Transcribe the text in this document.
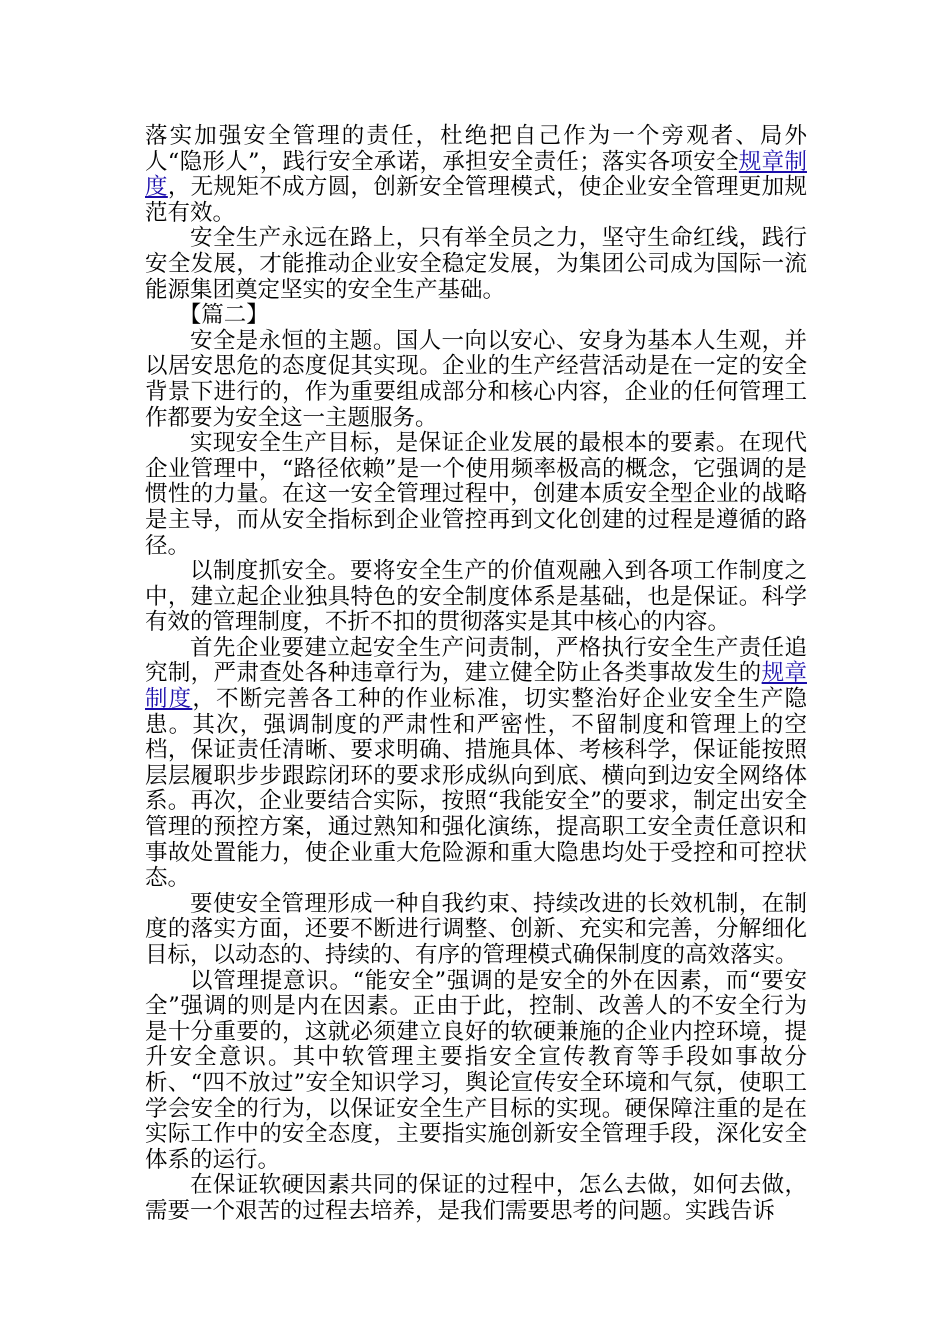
落实加强安全管理的责任，杜绝把自己作为一个旁观者、局外人“隐形人”，践行安全承诺，承担安全责任；落实各项安全规章制度，无规矩不成方圆，创新安全管理模式，使企业安全管理更加规范有效。

安全生产永远在路上，只有举全员之力，坚守生命红线，践行安全发展，才能推动企业安全稳定发展，为集团公司成为国际一流能源集团奠定坚实的安全生产基础。

【篇二】

安全是永恒的主题。国人一向以安心、安身为基本人生观，并以居安思危的态度促其实现。企业的生产经营活动是在一定的安全背景下进行的，作为重要组成部分和核心内容，企业的任何管理工作都要为安全这一主题服务。

实现安全生产目标，是保证企业发展的最根本的要素。在现代企业管理中，“路径依赖”是一个使用频率极高的概念，它强调的是惯性的力量。在这一安全管理过程中，创建本质安全型企业的战略是主导，而从安全指标到企业管控再到文化创建的过程是遵循的路径。

以制度抓安全。要将安全生产的价值观融入到各项工作制度之中，建立起企业独具特色的安全制度体系是基础，也是保证。科学有效的管理制度，不折不扣的贯彻落实是其中核心的内容。

首先企业要建立起安全生产问责制，严格执行安全生产责任追究制，严肃查处各种违章行为，建立健全防止各类事故发生的规章制度，不断完善各工种的作业标准，切实整治好企业安全生产隐患。其次，强调制度的严肃性和严密性，不留制度和管理上的空档，保证责任清晰、要求明确、措施具体、考核科学，保证能按照层层履职步步跟踪闭环的要求形成纵向到底、横向到边安全网络体系。再次，企业要结合实际，按照“我能安全”的要求，制定出安全管理的预控方案，通过熟知和强化演练，提高职工安全责任意识和事故处置能力，使企业重大危险源和重大隐患均处于受控和可控状态。

要使安全管理形成一种自我约束、持续改进的长效机制，在制度的落实方面，还要不断进行调整、创新、充实和完善，分解细化目标，以动态的、持续的、有序的管理模式确保制度的高效落实。

以管理提意识。“能安全”强调的是安全的外在因素，而“要安全”强调的则是内在因素。正由于此，控制、改善人的不安全行为是十分重要的，这就必须建立良好的软硬兼施的企业内控环境，提升安全意识。其中软管理主要指安全宣传教育等手段如事故分析、“四不放过”安全知识学习，舆论宣传安全环境和气氛，使职工学会安全的行为，以保证安全生产目标的实现。硬保障注重的是在实际工作中的安全态度，主要指实施创新安全管理手段，深化安全体系的运行。

在保证软硬因素共同的保证的过程中，怎么去做，如何去做，需要一个艰苦的过程去培养，是我们需要思考的问题。实践告诉
